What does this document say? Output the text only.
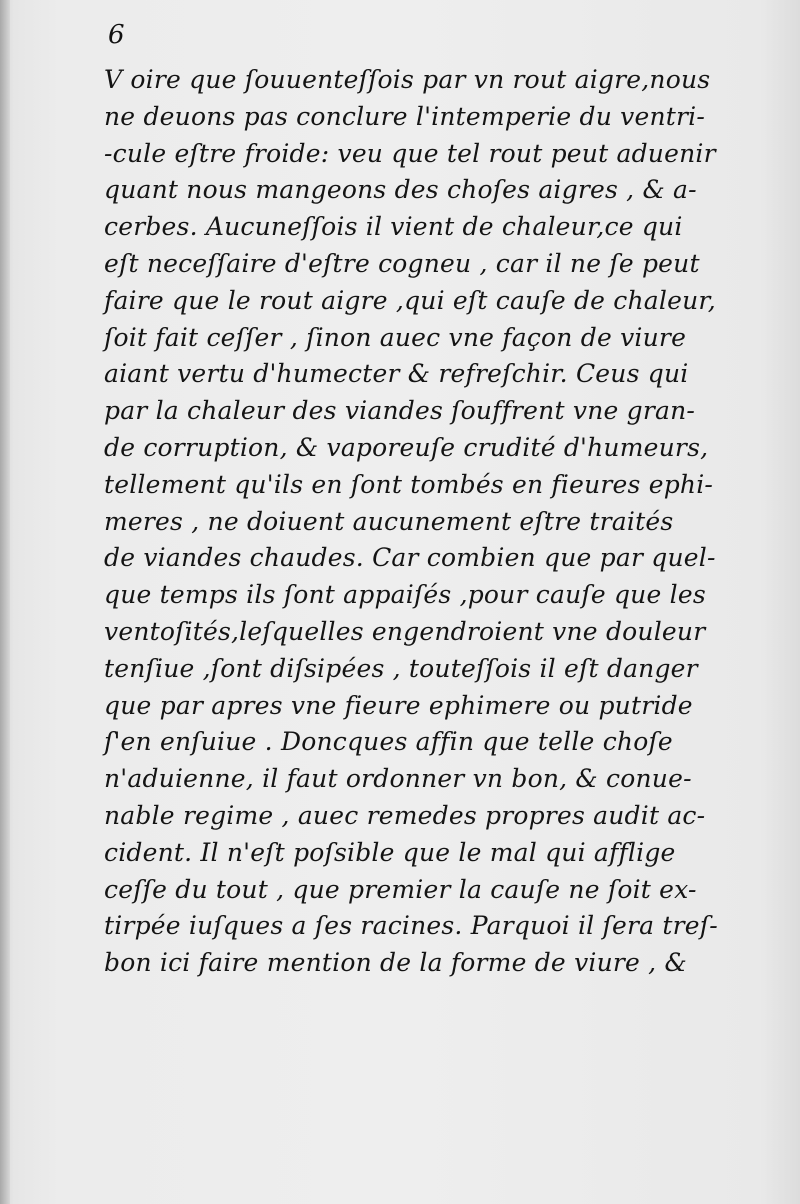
6
V oire que ſouuenteſſois par vn rout aigre,nous
ne deuons pas conclure l'intemperie du ventri-
-cule eſtre froide: veu que tel rout peut aduenir
quant nous mangeons des choſes aigres , & a-
cerbes. Aucuneſſois il vient de chaleur,ce qui
eſt neceſſaire d'eſtre cogneu , car il ne ſe peut
faire que le rout aigre ,qui eſt cauſe de chaleur,
ſoit fait ceſſer , ſinon auec vne façon de viure
aiant vertu d'humecter & refreſchir. Ceus qui
par la chaleur des viandes ſouffrent vne gran-
de corruption, & vaporeuſe crudité d'humeurs,
tellement qu'ils en ſont tombés en fieures ephi-
meres , ne doiuent aucunement eſtre traités
de viandes chaudes. Car combien que par quel-
que temps ils ſont appaiſés ,pour cauſe que les
ventoſités,leſquelles engendroient vne douleur
tenſiue ,ſont diſsipées , touteſſois il eſt danger
que par apres vne fieure ephimere ou putride
ſ'en enſuiue . Doncques affin que telle choſe
n'aduienne, il faut ordonner vn bon, & conue-
nable regime , auec remedes propres audit ac-
cident. Il n'eſt poſsible que le mal qui afflige
ceſſe du tout , que premier la cauſe ne ſoit ex-
tirpée iuſques a ſes racines. Parquoi il ſera treſ-
bon ici faire mention de la forme de viure , &
